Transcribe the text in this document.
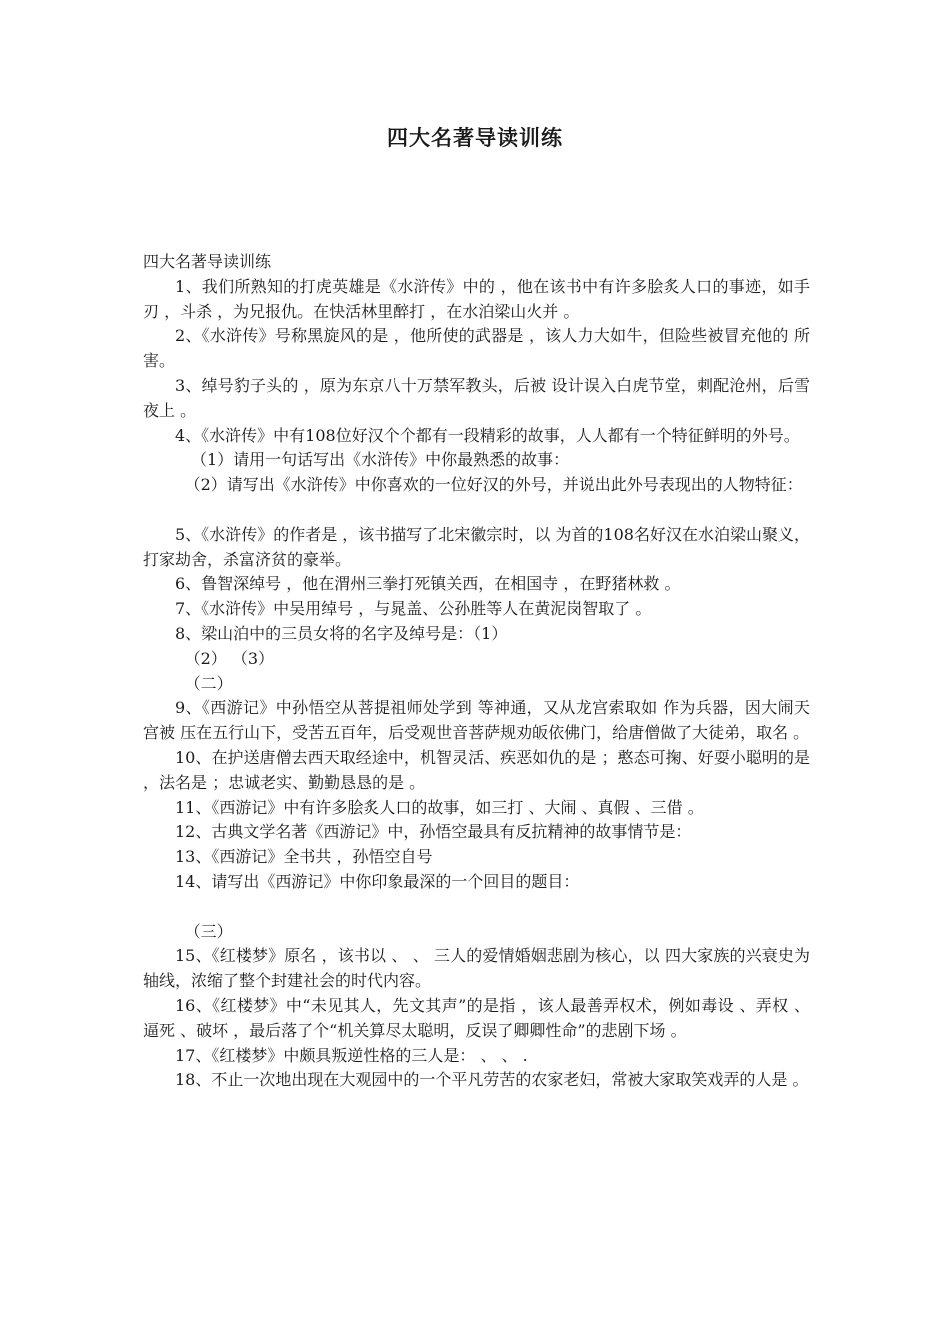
四大名著导读训练

四大名著导读训练

1、我们所熟知的打虎英雄是《水浒传》中的 ，他在该书中有许多脍炙人口的事迹，如手刃 ，斗杀 ，为兄报仇。在快活林里醉打 ，在水泊梁山火并 。

2、《水浒传》号称黑旋风的是 ，他所使的武器是 ，该人力大如牛，但险些被冒充他的 所害。

3、绰号豹子头的 ，原为东京八十万禁军教头，后被 设计误入白虎节堂，刺配沧州，后雪夜上 。

4、《水浒传》中有108位好汉个个都有一段精彩的故事，人人都有一个特征鲜明的外号。

（1）请用一句话写出《水浒传》中你最熟悉的故事：

（2）请写出《水浒传》中你喜欢的一位好汉的外号，并说出此外号表现出的人物特征：

5、《水浒传》的作者是 ，该书描写了北宋徽宗时，以 为首的108名好汉在水泊梁山聚义，打家劫舍，杀富济贫的豪举。

6、鲁智深绰号 ，他在渭州三拳打死镇关西，在相国寺 ，在野猪林救 。

7、《水浒传》中吴用绰号 ，与晁盖、公孙胜等人在黄泥岗智取了 。

8、梁山泊中的三员女将的名字及绰号是：（1）

（2） （3）

（二）

9、《西游记》中孙悟空从菩提祖师处学到 等神通，又从龙宫索取如 作为兵器，因大闹天宫被 压在五行山下，受苦五百年，后受观世音菩萨规劝皈依佛门，给唐僧做了大徒弟，取名 。

10、在护送唐僧去西天取经途中，机智灵活、疾恶如仇的是 ；憨态可掬、好耍小聪明的是 ，法名是 ；忠诚老实、勤勤恳恳的是 。

11、《西游记》中有许多脍炙人口的故事，如三打 、大闹 、真假 、三借 。

12、古典文学名著《西游记》中，孙悟空最具有反抗精神的故事情节是：

13、《西游记》全书共 ，孙悟空自号

14、请写出《西游记》中你印象最深的一个回目的题目：

（三）

15、《红楼梦》原名 ，该书以 、 、 三人的爱情婚姻悲剧为核心，以 四大家族的兴衰史为轴线，浓缩了整个封建社会的时代内容。

16、《红楼梦》中“未见其人，先文其声”的是指 ，该人最善弄权术，例如毒设 、弄权 、逼死 、破坏 ，最后落了个“机关算尽太聪明，反误了卿卿性命”的悲剧下场 。

17、《红楼梦》中颇具叛逆性格的三人是： 、 、 .

18、不止一次地出现在大观园中的一个平凡劳苦的农家老妇，常被大家取笑戏弄的人是 。
